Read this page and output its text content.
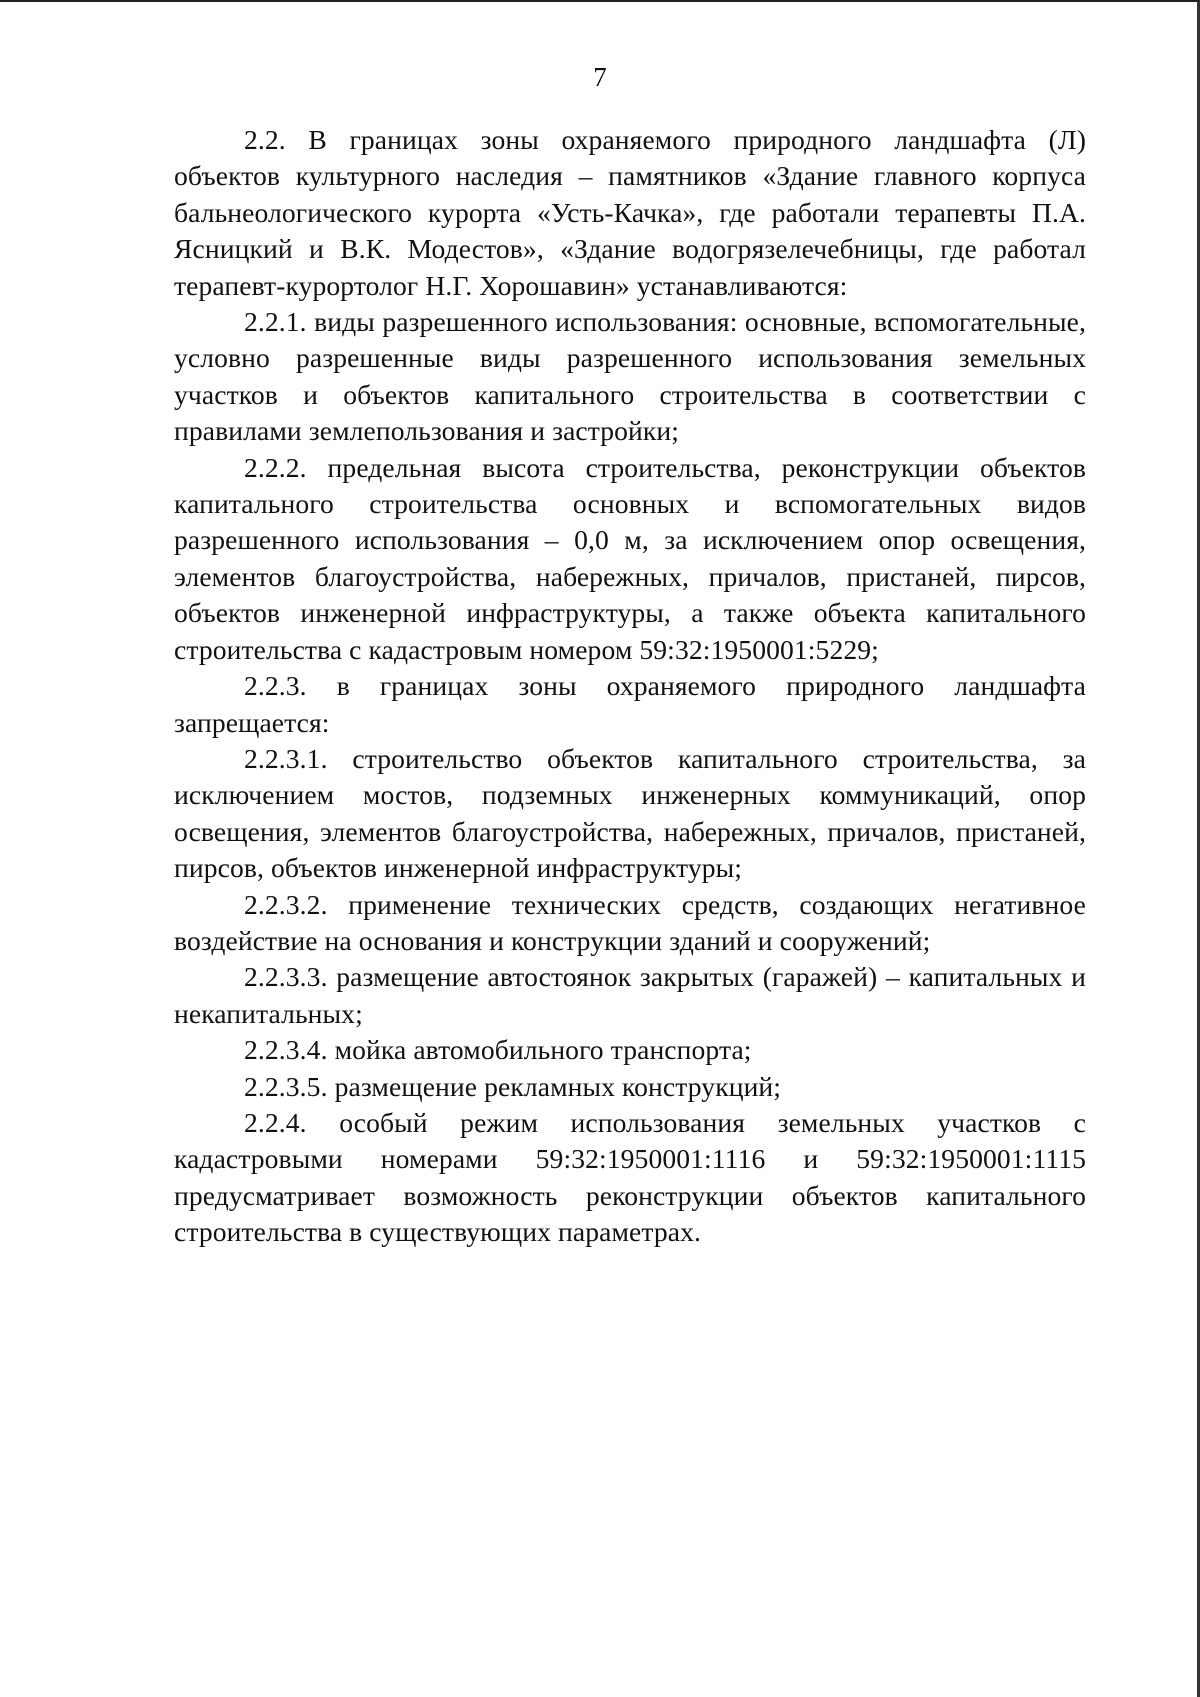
7

2.2. В границах зоны охраняемого природного ландшафта (Л) объектов культурного наследия – памятников «Здание главного корпуса бальнеологического курорта «Усть-Качка», где работали терапевты П.А. Ясницкий и В.К. Модестов», «Здание водогрязелечебницы, где работал терапевт-курортолог Н.Г. Хорошавин» устанавливаются:

2.2.1. виды разрешенного использования: основные, вспомогательные, условно разрешенные виды разрешенного использования земельных участков и объектов капитального строительства в соответствии с правилами землепользования и застройки;

2.2.2. предельная высота строительства, реконструкции объектов капитального строительства основных и вспомогательных видов разрешенного использования – 0,0 м, за исключением опор освещения, элементов благоустройства, набережных, причалов, пристаней, пирсов, объектов инженерной инфраструктуры, а также объекта капитального строительства с кадастровым номером 59:32:1950001:5229;

2.2.3. в границах зоны охраняемого природного ландшафта запрещается:

2.2.3.1. строительство объектов капитального строительства, за исключением мостов, подземных инженерных коммуникаций, опор освещения, элементов благоустройства, набережных, причалов, пристаней, пирсов, объектов инженерной инфраструктуры;

2.2.3.2. применение технических средств, создающих негативное воздействие на основания и конструкции зданий и сооружений;

2.2.3.3. размещение автостоянок закрытых (гаражей) – капитальных и некапитальных;

2.2.3.4. мойка автомобильного транспорта;

2.2.3.5. размещение рекламных конструкций;

2.2.4. особый режим использования земельных участков с кадастровыми номерами 59:32:1950001:1116 и 59:32:1950001:1115 предусматривает возможность реконструкции объектов капитального строительства в существующих параметрах.
